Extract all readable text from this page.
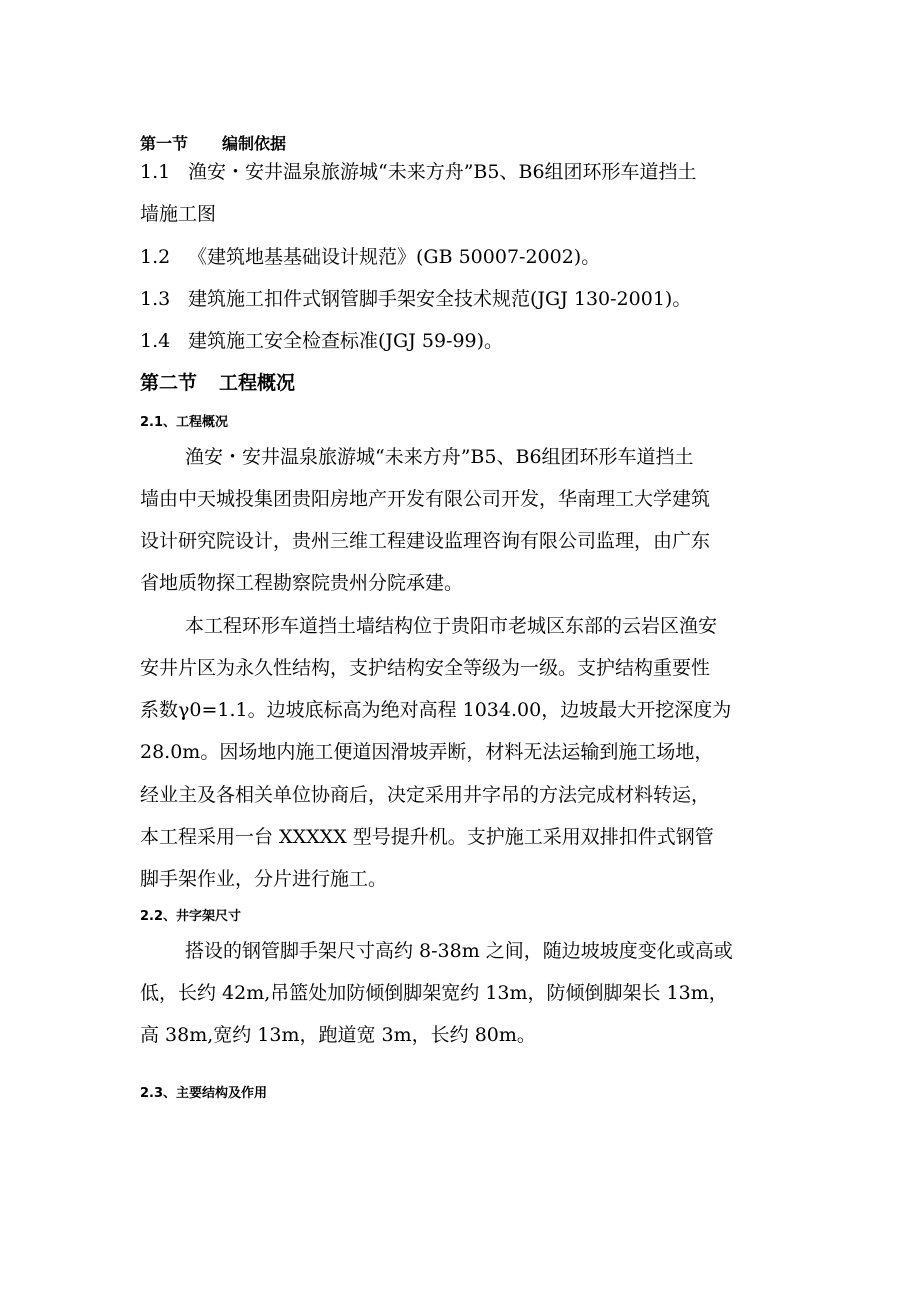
第一节 编制依据
1.1 渔安・安井温泉旅游城“未来方舟”B5、B6组团环形车道挡土
墙施工图
1.2 《建筑地基基础设计规范》(GB 50007-2002)。
1.3 建筑施工扣件式钢管脚手架安全技术规范(JGJ 130-2001)。
1.4 建筑施工安全检查标准(JGJ 59-99)。
第二节 工程概况
2.1、工程概况
渔安・安井温泉旅游城“未来方舟”B5、B6组团环形车道挡土
墙由中天城投集团贵阳房地产开发有限公司开发，华南理工大学建筑
设计研究院设计，贵州三维工程建设监理咨询有限公司监理，由广东
省地质物探工程勘察院贵州分院承建。
本工程环形车道挡土墙结构位于贵阳市老城区东部的云岩区渔安
安井片区为永久性结构，支护结构安全等级为一级。支护结构重要性
系数γ0=1.1。边坡底标高为绝对高程 1034.00，边坡最大开挖深度为
28.0m。因场地内施工便道因滑坡弄断，材料无法运输到施工场地，
经业主及各相关单位协商后，决定采用井字吊的方法完成材料转运，
本工程采用一台 XXXXX 型号提升机。支护施工采用双排扣件式钢管
脚手架作业，分片进行施工。
2.2、井字架尺寸
搭设的钢管脚手架尺寸高约 8-38m 之间，随边坡坡度变化或高或
低，长约 42m,吊篮处加防倾倒脚架宽约 13m，防倾倒脚架长 13m，
高 38m,宽约 13m，跑道宽 3m，长约 80m。
2.3、主要结构及作用
